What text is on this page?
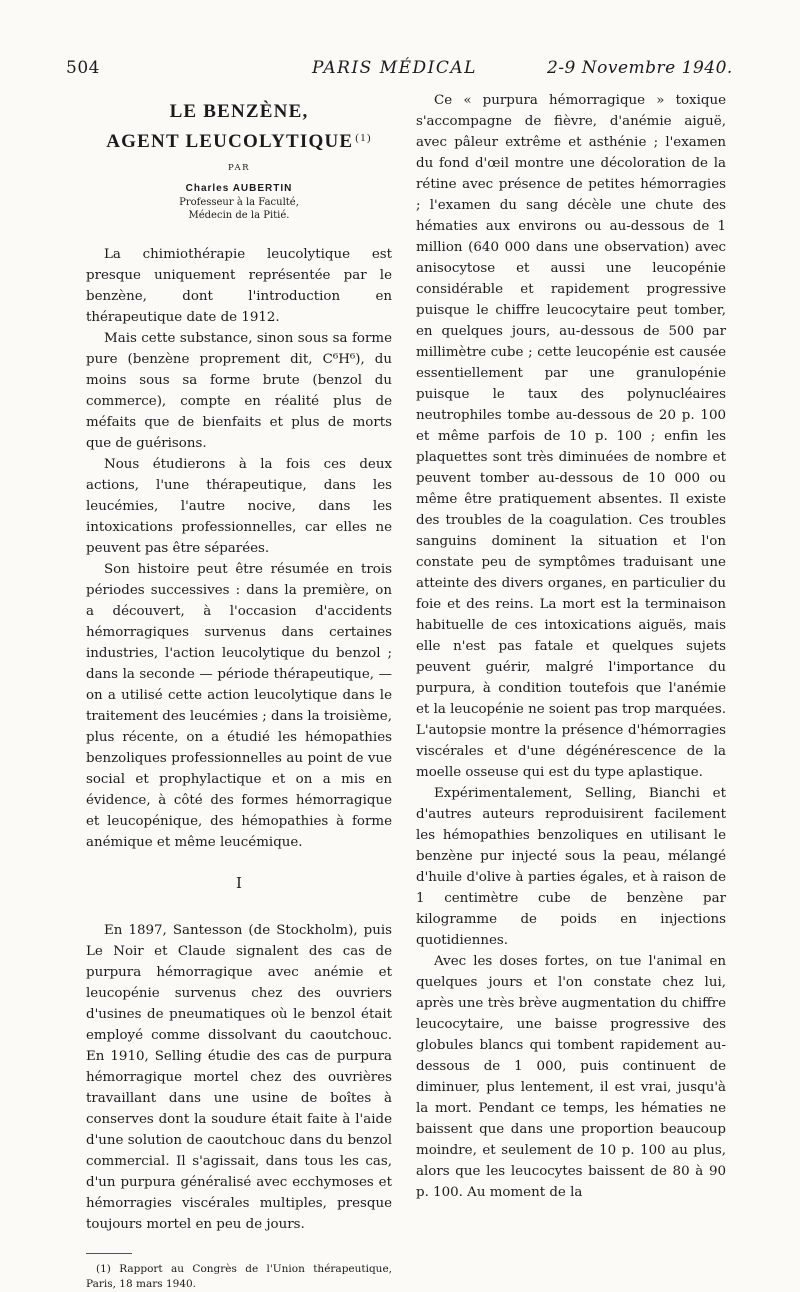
504	PARIS MÉDICAL	2-9 Novembre 1940.
LE BENZÈNE,
AGENT LEUCOLYTIQUE $^{(1)}$
PAR
Charles AUBERTIN
Professeur à la Faculté,
Médecin de la Pitié.

La chimiothérapie leucolytique est presque uniquement représentée par le benzène, dont l'introduction en thérapeutique date de 1912.

Mais cette substance, sinon sous sa forme pure (benzène proprement dit, C⁶H⁶), du moins sous sa forme brute (benzol du commerce), compte en réalité plus de méfaits que de bienfaits et plus de morts que de guérisons.

Nous étudierons à la fois ces deux actions, l'une thérapeutique, dans les leucémies, l'autre nocive, dans les intoxications professionnelles, car elles ne peuvent pas être séparées.

Son histoire peut être résumée en trois périodes successives : dans la première, on a découvert, à l'occasion d'accidents hémorragiques survenus dans certaines industries, l'action leucolytique du benzol ; dans la seconde — période thérapeutique, — on a utilisé cette action leucolytique dans le traitement des leucémies ; dans la troisième, plus récente, on a étudié les hémopathies benzoliques professionnelles au point de vue social et prophylactique et on a mis en évidence, à côté des formes hémorragique et leucopénique, des hémopathies à forme anémique et même leucémique.

I

En 1897, Santesson (de Stockholm), puis Le Noir et Claude signalent des cas de purpura hémorragique avec anémie et leucopénie survenus chez des ouvriers d'usines de pneumatiques où le benzol était employé comme dissolvant du caoutchouc. En 1910, Selling étudie des cas de purpura hémorragique mortel chez des ouvrières travaillant dans une usine de boîtes à conserves dont la soudure était faite à l'aide d'une solution de caoutchouc dans du benzol commercial. Il s'agissait, dans tous les cas, d'un purpura généralisé avec ecchymoses et hémorragies viscérales multiples, presque toujours mortel en peu de jours.

(1) Rapport au Congrès de l'Union thérapeutique, Paris, 18 mars 1940.

Ce « purpura hémorragique » toxique s'accompagne de fièvre, d'anémie aiguë, avec pâleur extrême et asthénie ; l'examen du fond d'œil montre une décoloration de la rétine avec présence de petites hémorragies ; l'examen du sang décèle une chute des hématies aux environs ou au-dessous de 1 million (640 000 dans une observation) avec anisocytose et aussi une leucopénie considérable et rapidement progressive puisque le chiffre leucocytaire peut tomber, en quelques jours, au-dessous de 500 par millimètre cube ; cette leucopénie est causée essentiellement par une granulopénie puisque le taux des polynucléaires neutrophiles tombe au-dessous de 20 p. 100 et même parfois de 10 p. 100 ; enfin les plaquettes sont très diminuées de nombre et peuvent tomber au-dessous de 10 000 ou même être pratiquement absentes. Il existe des troubles de la coagulation. Ces troubles sanguins dominent la situation et l'on constate peu de symptômes traduisant une atteinte des divers organes, en particulier du foie et des reins. La mort est la terminaison habituelle de ces intoxications aiguës, mais elle n'est pas fatale et quelques sujets peuvent guérir, malgré l'importance du purpura, à condition toutefois que l'anémie et la leucopénie ne soient pas trop marquées. L'autopsie montre la présence d'hémorragies viscérales et d'une dégénérescence de la moelle osseuse qui est du type aplastique.

Expérimentalement, Selling, Bianchi et d'autres auteurs reproduisirent facilement les hémopathies benzoliques en utilisant le benzène pur injecté sous la peau, mélangé d'huile d'olive à parties égales, et à raison de 1 centimètre cube de benzène par kilogramme de poids en injections quotidiennes.

Avec les doses fortes, on tue l'animal en quelques jours et l'on constate chez lui, après une très brève augmentation du chiffre leucocytaire, une baisse progressive des globules blancs qui tombent rapidement au-dessous de 1 000, puis continuent de diminuer, plus lentement, il est vrai, jusqu'à la mort. Pendant ce temps, les hématies ne baissent que dans une proportion beaucoup moindre, et seulement de 10 p. 100 au plus, alors que les leucocytes baissent de 80 à 90 p. 100. Au moment de la
